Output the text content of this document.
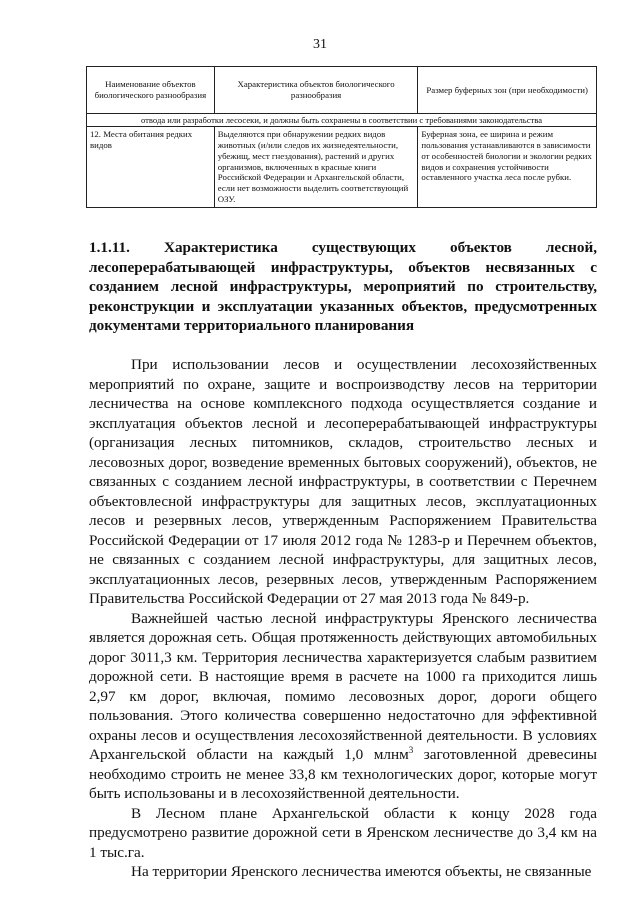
31
Наименование объектов биологического разнообразия	Характеристика объектов биологического разнообразия	Размер буферных зон (при необходимости)
отвода или разработки лесосеки, и должны быть сохранены в соответствии с требованиями законодательства		
12. Места обитания редких видов	Выделяются при обнаружении редких видов животных (и/или следов их жизнедеятельности, убежищ, мест гнездования), растений и других организмов, включенных в красные книги Российской Федерации и Архангельской области, если нет возможности выделить соответствующий ОЗУ.	Буферная зона, ее ширина и режим пользования устанавливаются в зависимости от особенностей биологии и экологии редких видов и сохранения устойчивости оставленного участка леса после рубки.
1.1.11. Характеристика существующих объектов лесной, лесоперерабатывающей инфраструктуры, объектов несвязанных с созданием лесной инфраструктуры, мероприятий по строительству, реконструкции и эксплуатации указанных объектов, предусмотренных документами территориального планирования

При использовании лесов и осуществлении лесохозяйственных мероприятий по охране, защите и воспроизводству лесов на территории лесничества на основе комплексного подхода осуществляется создание и эксплуатация объектов лесной и лесоперерабатывающей инфраструктуры (организация лесных питомников, складов, строительство лесных и лесовозных дорог, возведение временных бытовых сооружений), объектов, не связанных с созданием лесной инфраструктуры, в соответствии с Перечнем объектовлесной инфраструктуры для защитных лесов, эксплуатационных лесов и резервных лесов, утвержденным Распоряжением Правительства Российской Федерации от 17 июля 2012 года № 1283-р и Перечнем объектов, не связанных с созданием лесной инфраструктуры, для защитных лесов, эксплуатационных лесов, резервных лесов, утвержденным Распоряжением Правительства Российской Федерации от 27 мая 2013 года № 849-р.

Важнейшей частью лесной инфраструктуры Яренского лесничества является дорожная сеть. Общая протяженность действующих автомобильных дорог 3011,3 км. Территория лесничества характеризуется слабым развитием дорожной сети. В настоящие время в расчете на 1000 га приходится лишь 2,97 км дорог, включая, помимо лесовозных дорог, дороги общего пользования. Этого количества совершенно недостаточно для эффективной охраны лесов и осуществления лесохозяйственной деятельности. В условиях Архангельской области на каждый 1,0 млнм$^3$ заготовленной древесины необходимо строить не менее 33,8 км технологических дорог, которые могут быть использованы и в лесохозяйственной деятельности.

В Лесном плане Архангельской области к концу 2028 года предусмотрено развитие дорожной сети в Яренском лесничестве до 3,4 км на 1 тыс.га.

На территории Яренского лесничества имеются объекты, не связанные
